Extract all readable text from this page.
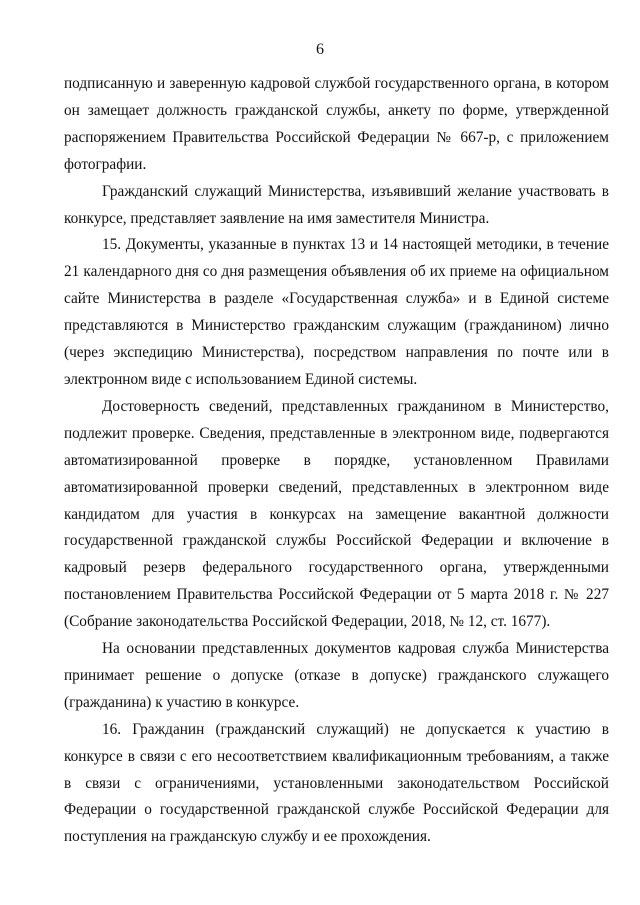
6

подписанную и заверенную кадровой службой государственного органа, в котором он замещает должность гражданской службы, анкету по форме, утвержденной распоряжением Правительства Российской Федерации № 667-р, с приложением фотографии.

Гражданский служащий Министерства, изъявивший желание участвовать в конкурсе, представляет заявление на имя заместителя Министра.

15. Документы, указанные в пунктах 13 и 14 настоящей методики, в течение 21 календарного дня со дня размещения объявления об их приеме на официальном сайте Министерства в разделе «Государственная служба» и в Единой системе представляются в Министерство гражданским служащим (гражданином) лично (через экспедицию Министерства), посредством направления по почте или в электронном виде с использованием Единой системы.

Достоверность сведений, представленных гражданином в Министерство, подлежит проверке. Сведения, представленные в электронном виде, подвергаются автоматизированной проверке в порядке, установленном Правилами автоматизированной проверки сведений, представленных в электронном виде кандидатом для участия в конкурсах на замещение вакантной должности государственной гражданской службы Российской Федерации и включение в кадровый резерв федерального государственного органа, утвержденными постановлением Правительства Российской Федерации от 5 марта 2018 г. № 227 (Собрание законодательства Российской Федерации, 2018, № 12, ст. 1677).

На основании представленных документов кадровая служба Министерства принимает решение о допуске (отказе в допуске) гражданского служащего (гражданина) к участию в конкурсе.

16. Гражданин (гражданский служащий) не допускается к участию в конкурсе в связи с его несоответствием квалификационным требованиям, а также в связи с ограничениями, установленными законодательством Российской Федерации о государственной гражданской службе Российской Федерации для поступления на гражданскую службу и ее прохождения.
